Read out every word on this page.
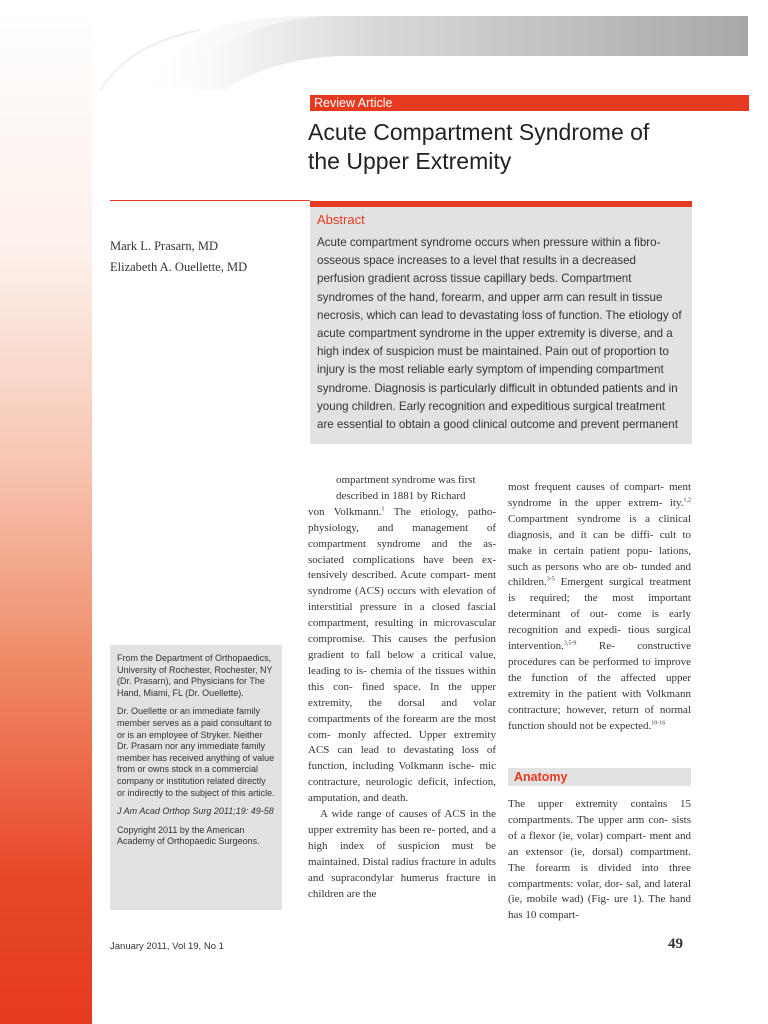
Review Article
Acute Compartment Syndrome of
the Upper Extremity
Mark L. Prasarn, MD
Elizabeth A. Ouellette, MD
Abstract

Acute compartment syndrome occurs when pressure within a fibro- osseous space increases to a level that results in a decreased perfusion gradient across tissue capillary beds. Compartment syndromes of the hand, forearm, and upper arm can result in tissue necrosis, which can lead to devastating loss of function. The etiology of acute compartment syndrome in the upper extremity is diverse, and a high index of suspicion must be maintained. Pain out of proportion to injury is the most reliable early symptom of impending compartment syndrome. Diagnosis is particularly difficult in obtunded patients and in young children. Early recognition and expeditious surgical treatment are essential to obtain a good clinical outcome and prevent permanent

From the Department of Orthopaedics, University of Rochester, Rochester, NY (Dr. Prasarn), and Physicians for The Hand, Miami, FL (Dr. Ouellette).

Dr. Ouellette or an immediate family member serves as a paid consultant to or is an employee of Stryker. Neither Dr. Prasarn nor any immediate family member has received anything of value from or owns stock in a commercial company or institution related directly or indirectly to the subject of this article.

J Am Acad Orthop Surg 2011;19: 49-58

Copyright 2011 by the American Academy of Orthopaedic Surgeons.

ompartment syndrome was first

described in 1881 by Richard

von Volkmann.$^1$ The etiology, patho- physiology, and management of compartment syndrome and the as- sociated complications have been ex- tensively described. Acute compart- ment syndrome (ACS) occurs with elevation of interstitial pressure in a closed fascial compartment, resulting in microvascular compromise. This causes the perfusion gradient to fall below a critical value, leading to is- chemia of the tissues within this con- fined space. In the upper extremity, the dorsal and volar compartments of the forearm are the most com- monly affected. Upper extremity ACS can lead to devastating loss of function, including Volkmann ische- mic contracture, neurologic deficit, infection, amputation, and death.

A wide range of causes of ACS in the upper extremity has been re- ported, and a high index of suspicion must be maintained. Distal radius fracture in adults and supracondylar humerus fracture in children are the

most frequent causes of compart- ment syndrome in the upper extrem- ity.$^{1,2}$ Compartment syndrome is a clinical diagnosis, and it can be diffi- cult to make in certain patient popu- lations, such as persons who are ob- tunded and children.$^{3-5}$ Emergent surgical treatment is required; the most important determinant of out- come is early recognition and expedi- tious surgical intervention.$^{3,5-9}$ Re- constructive procedures can be performed to improve the function of the affected upper extremity in the patient with Volkmann contracture; however, return of normal function should not be expected.$^{10-16}$

Anatomy

The upper extremity contains 15 compartments. The upper arm con- sists of a flexor (ie, volar) compart- ment and an extensor (ie, dorsal) compartment. The forearm is divided into three compartments: volar, dor- sal, and lateral (ie, mobile wad) (Fig- ure 1). The hand has 10 compart-

January 2011, Vol 19, No 1	49
